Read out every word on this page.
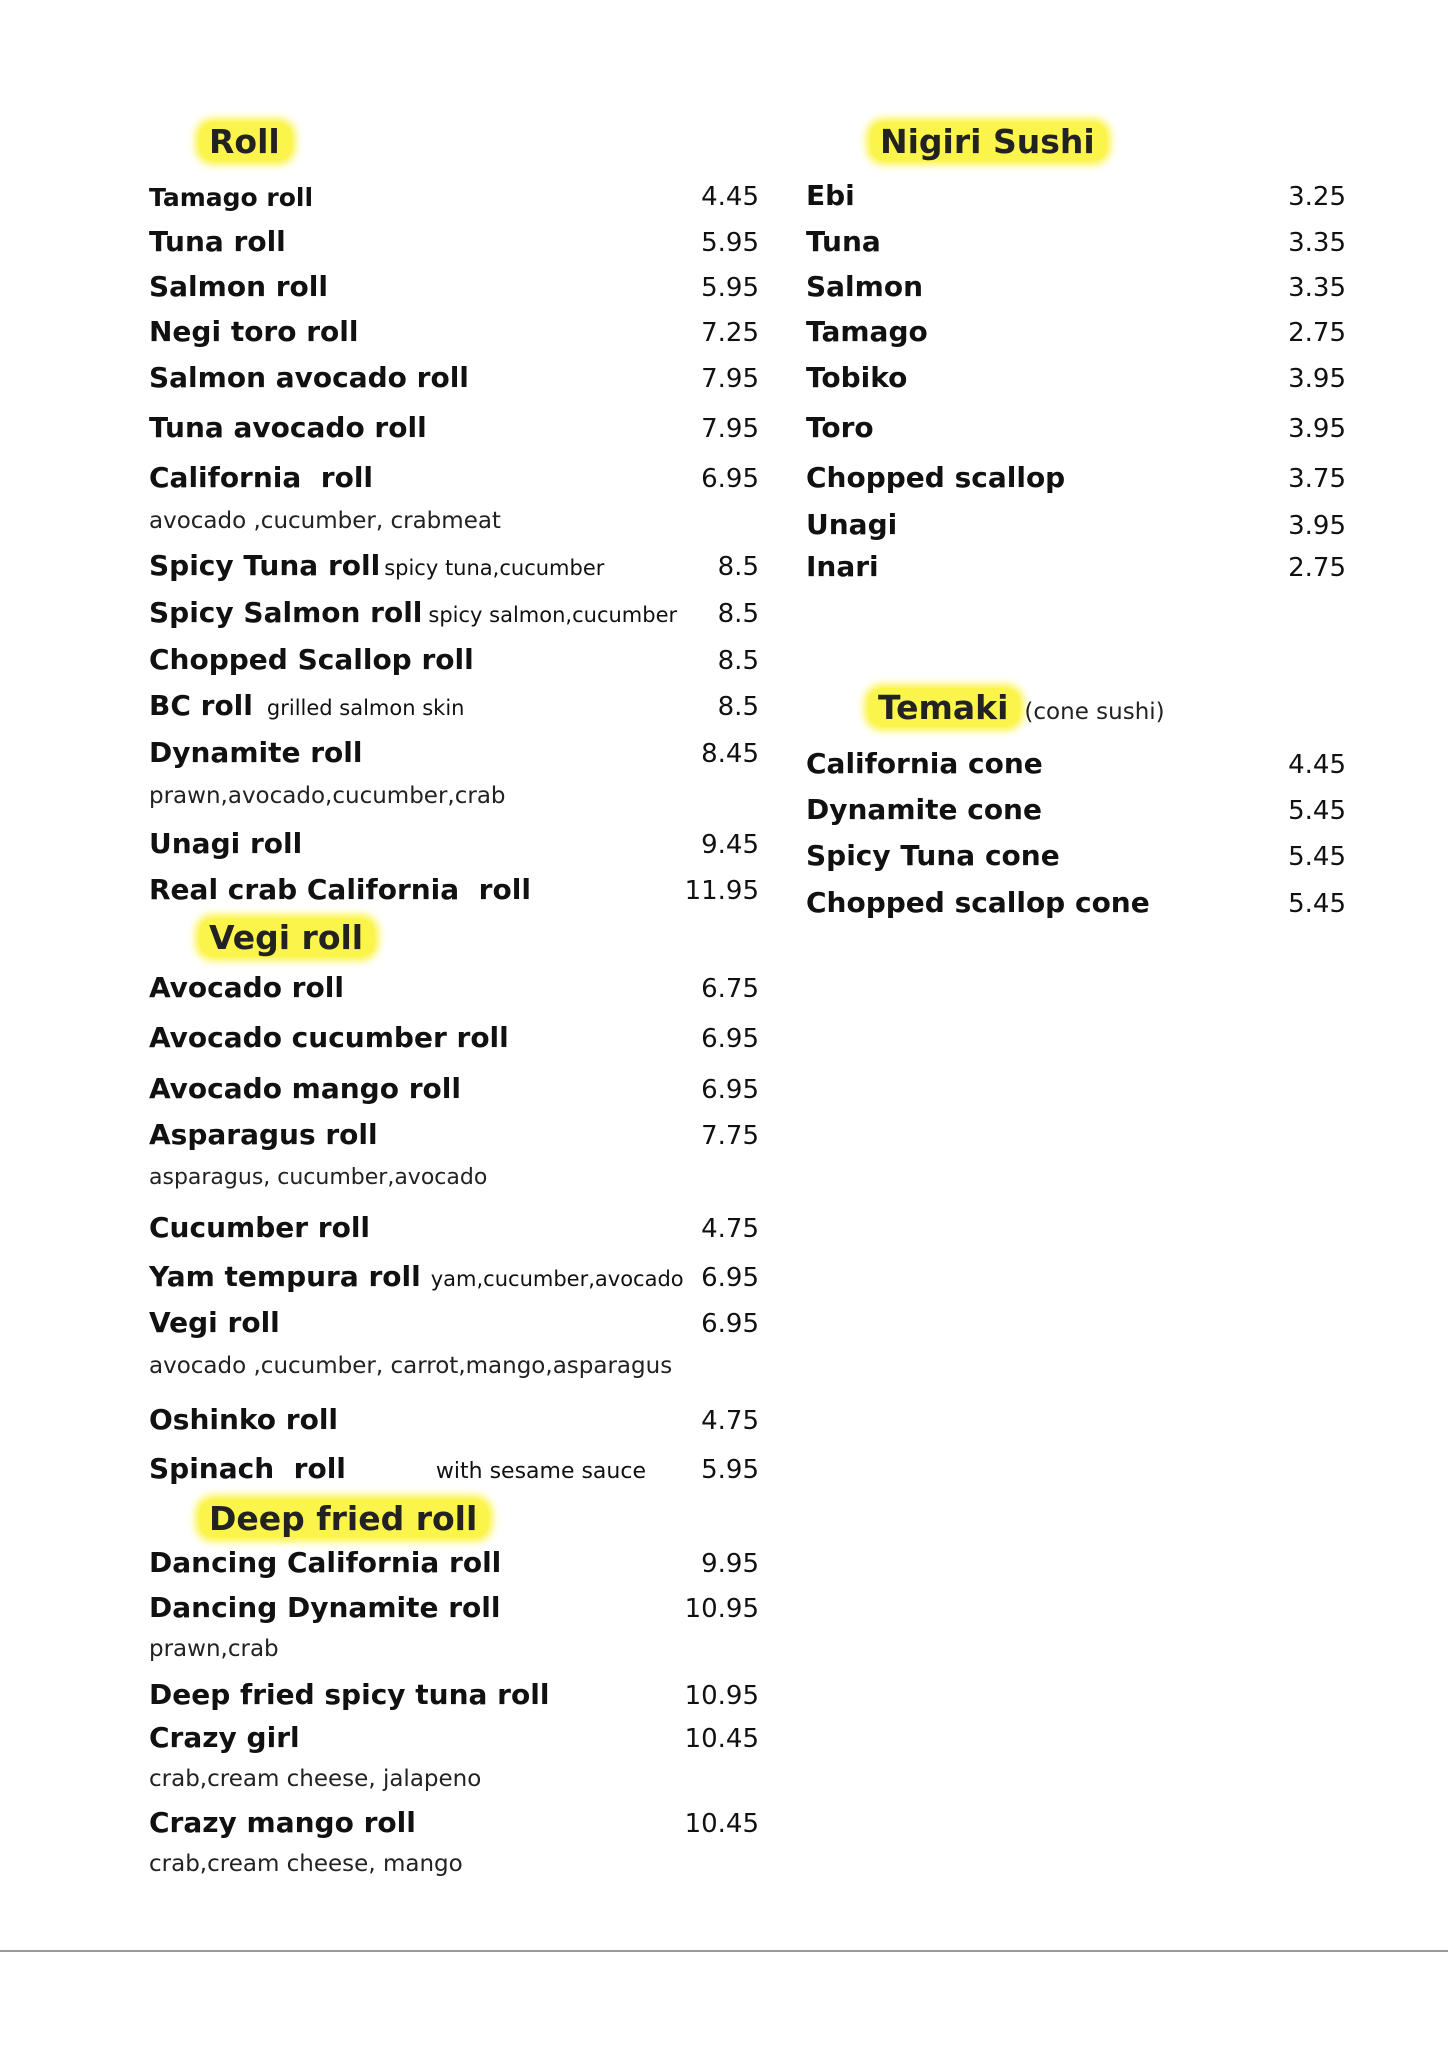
Roll
Tamago roll	4.45
Tuna roll	5.95
Salmon roll	5.95
Negi toro roll	7.25
Salmon avocado roll	7.95
Tuna avocado roll	7.95
California  roll	6.95
avocado ,cucumber, crabmeat
Spicy Tuna roll spicy tuna,cucumber	8.5
Spicy Salmon roll spicy salmon,cucumber 8.5
Chopped Scallop roll	8.5
BC roll grilled salmon skin	8.5
Dynamite roll	8.45
prawn,avocado,cucumber,crab
Unagi roll	9.45
Real crab California  roll	11.95
Vegi roll
Avocado roll	6.75
Avocado cucumber roll	6.95
Avocado mango roll	6.95
Asparagus roll	7.75
asparagus, cucumber,avocado
Cucumber roll	4.75
Yam tempura roll yam,cucumber,avocado 6.95
Vegi roll	6.95
avocado ,cucumber, carrot,mango,asparagus
Oshinko roll	4.75
Spinach  roll	with sesame sauce 5.95
Deep fried roll
Dancing California roll	9.95
Dancing Dynamite roll	10.95
prawn,crab
Deep fried spicy tuna roll	10.95
Crazy girl	10.45
crab,cream cheese, jalapeno
Crazy mango roll	10.45
crab,cream cheese, mango
Nigiri Sushi
Ebi	3.25
Tuna	3.35
Salmon	3.35
Tamago	2.75
Tobiko	3.95
Toro	3.95
Chopped scallop	3.75
Unagi	3.95
Inari	2.75
Temaki (cone sushi)
California cone	4.45
Dynamite cone	5.45
Spicy Tuna cone	5.45
Chopped scallop cone	5.45
